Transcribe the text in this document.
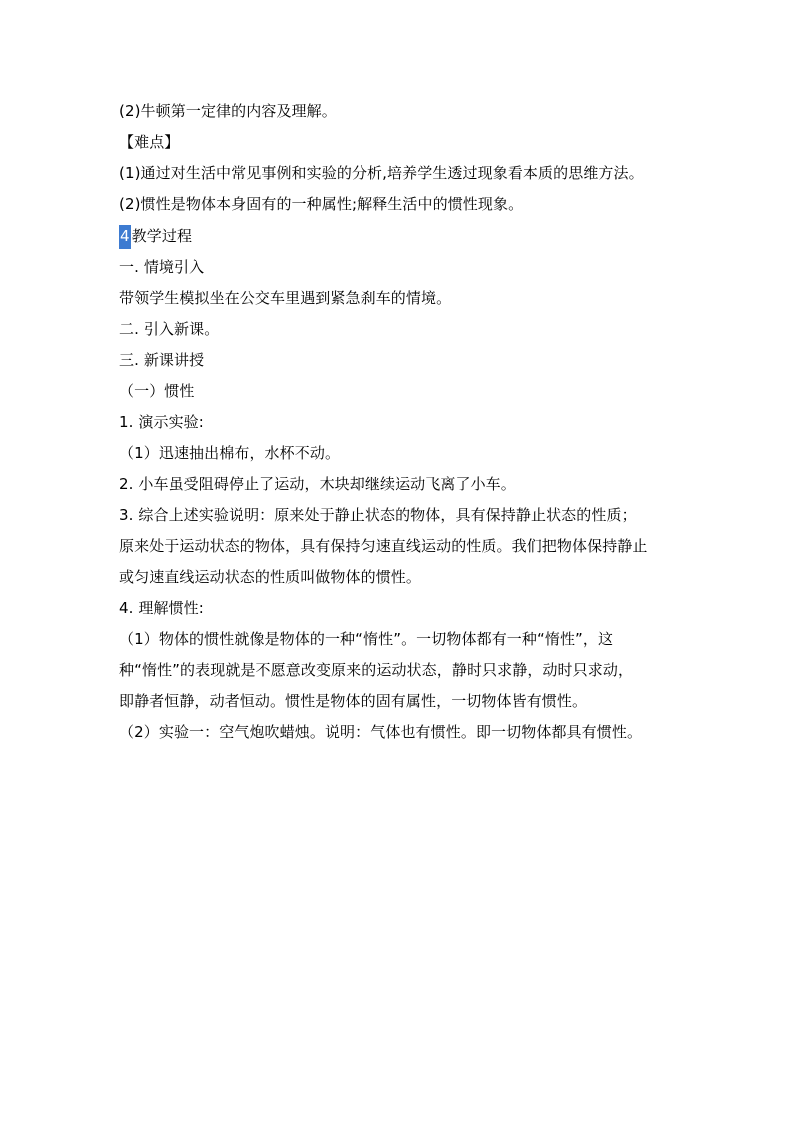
(2)牛顿第一定律的内容及理解。
【难点】
(1)通过对生活中常见事例和实验的分析,培养学生透过现象看本质的思维方法。
(2)惯性是物体本身固有的一种属性;解释生活中的惯性现象。
4 教学过程
一. 情境引入
带领学生模拟坐在公交车里遇到紧急刹车的情境。
二. 引入新课。
三. 新课讲授
（一）惯性
1. 演示实验:
（1）迅速抽出棉布，水杯不动。
2. 小车虽受阻碍停止了运动，木块却继续运动飞离了小车。
3. 综合上述实验说明：原来处于静止状态的物体，具有保持静止状态的性质；
原来处于运动状态的物体，具有保持匀速直线运动的性质。我们把物体保持静止
或匀速直线运动状态的性质叫做物体的惯性。
4. 理解惯性:
（1）物体的惯性就像是物体的一种“惰性”。一切物体都有一种“惰性”，这
种“惰性”的表现就是不愿意改变原来的运动状态，静时只求静，动时只求动，
即静者恒静，动者恒动。惯性是物体的固有属性，一切物体皆有惯性。
（2）实验一：空气炮吹蜡烛。说明：气体也有惯性。即一切物体都具有惯性。
